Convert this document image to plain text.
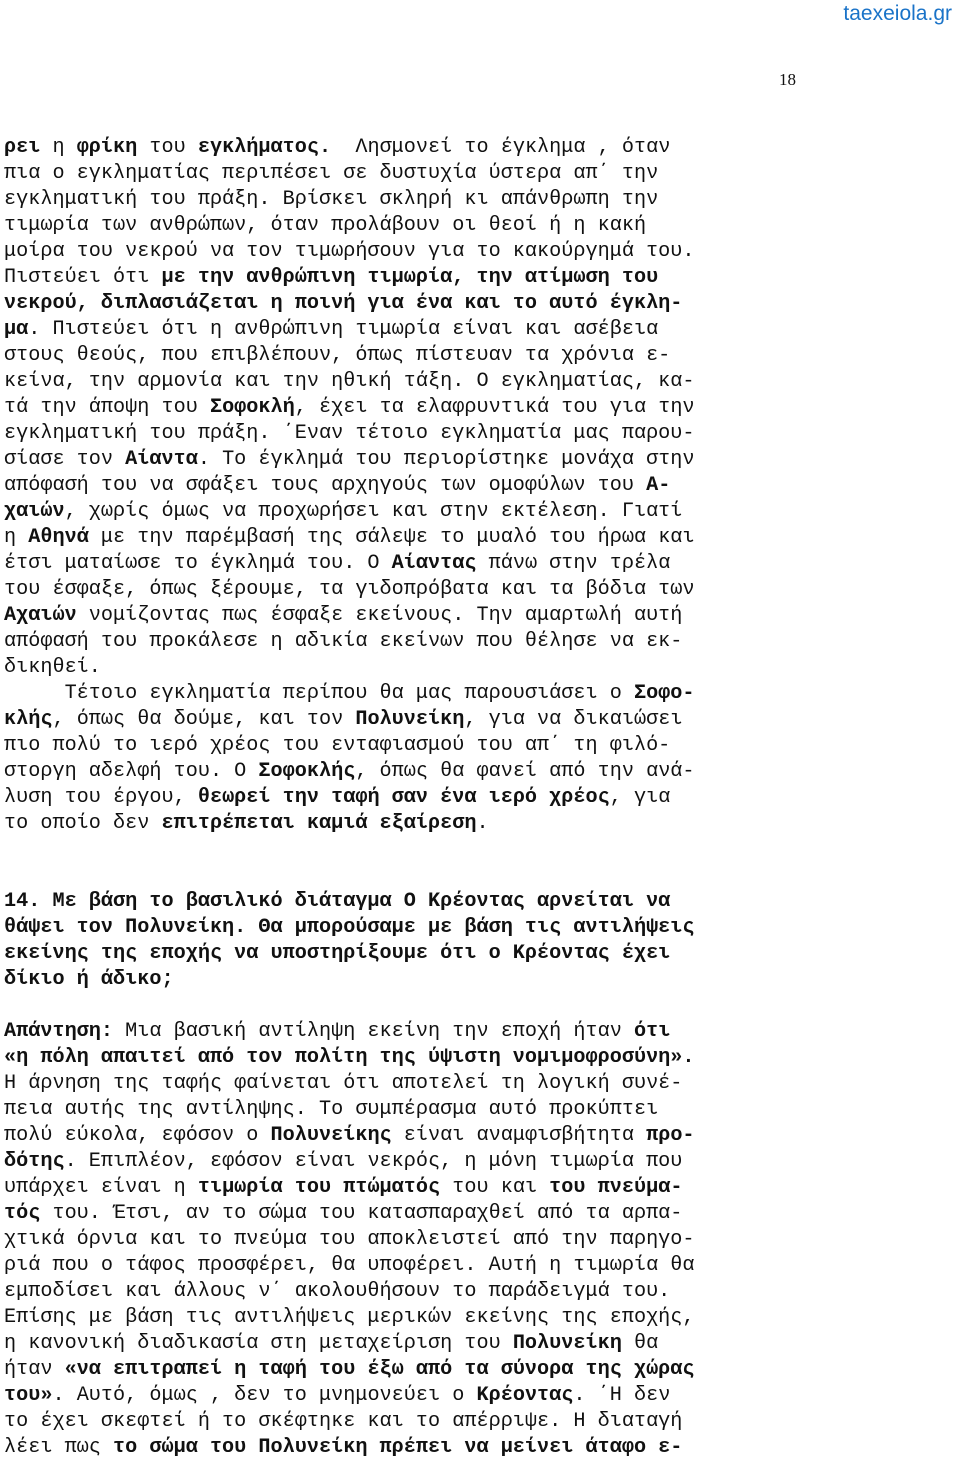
taexeiola.gr
18
ρει η φρίκη του εγκλήματος.  Λησμονεί το έγκλημα , όταν
πια ο εγκληματίας περιπέσει σε δυστυχία ύστερα απ΄ την
εγκληματική του πράξη. Βρίσκει σκληρή κι απάνθρωπη την
τιμωρία των ανθρώπων, όταν προλάβουν οι θεοί ή η κακή
μοίρα του νεκρού να τον τιμωρήσουν για το κακούργημά του.
Πιστεύει ότι με την ανθρώπινη τιμωρία, την ατίμωση του
νεκρού, διπλασιάζεται η ποινή για ένα και το αυτό έγκλη-
μα. Πιστεύει ότι η ανθρώπινη τιμωρία είναι και ασέβεια
στους θεούς, που επιβλέπουν, όπως πίστευαν τα χρόνια ε-
κείνα, την αρμονία και την ηθική τάξη. Ο εγκληματίας, κα-
τά την άποψη του Σοφοκλή, έχει τα ελαφρυντικά του για την
εγκληματική του πράξη. ΄Εναν τέτοιο εγκληματία μας παρου-
σίασε τον Αίαντα. Το έγκλημά του περιορίστηκε μονάχα στην
απόφασή του να σφάξει τους αρχηγούς των ομοφύλων του Α-
χαιών, χωρίς όμως να προχωρήσει και στην εκτέλεση. Γιατί
η Αθηνά με την παρέμβασή της σάλεψε το μυαλό του ήρωα και
έτσι ματαίωσε το έγκλημά του. Ο Αίαντας πάνω στην τρέλα
του έσφαξε, όπως ξέρουμε, τα γιδοπρόβατα και τα βόδια των
Αχαιών νομίζοντας πως έσφαξε εκείνους. Την αμαρτωλή αυτή
απόφασή του προκάλεσε η αδικία εκείνων που θέλησε να εκ-
δικηθεί.
Τέτοιο εγκληματία περίπου θα μας παρουσιάσει ο Σοφο-
κλής, όπως θα δούμε, και τον Πολυνείκη, για να δικαιώσει
πιο πολύ το ιερό χρέος του ενταφιασμού του απ΄ τη φιλό-
στοργη αδελφή του. Ο Σοφοκλής, όπως θα φανεί από την ανά-
λυση του έργου, θεωρεί την ταφή σαν ένα ιερό χρέος, για
το οποίο δεν επιτρέπεται καμιά εξαίρεση.
14. Με βάση το βασιλικό διάταγμα Ο Κρέοντας αρνείται να
θάψει τον Πολυνείκη. Θα μπορούσαμε με βάση τις αντιλήψεις
εκείνης της εποχής να υποστηρίξουμε ότι ο Κρέοντας έχει
δίκιο ή άδικο;
Απάντηση: Μια βασική αντίληψη εκείνη την εποχή ήταν ότι
«η πόλη απαιτεί από τον πολίτη της ύψιστη νομιμοφροσύνη».
Η άρνηση της ταφής φαίνεται ότι αποτελεί τη λογική συνέ-
πεια αυτής της αντίληψης. Το συμπέρασμα αυτό προκύπτει
πολύ εύκολα, εφόσον ο Πολυνείκης είναι αναμφισβήτητα προ-
δότης. Επιπλέον, εφόσον είναι νεκρός, η μόνη τιμωρία που
υπάρχει είναι η τιμωρία του πτώματός του και του πνεύμα-
τός του. Έτσι, αν το σώμα του κατασπαραχθεί από τα αρπα-
χτικά όρνια και το πνεύμα του αποκλειστεί από την παρηγο-
ριά που ο τάφος προσφέρει, θα υποφέρει. Αυτή η τιμωρία θα
εμποδίσει και άλλους ν΄ ακολουθήσουν το παράδειγμά του.
Επίσης με βάση τις αντιλήψεις μερικών εκείνης της εποχής,
η κανονική διαδικασία στη μεταχείριση του Πολυνείκη θα
ήταν «να επιτραπεί η ταφή του έξω από τα σύνορα της χώρας
του». Αυτό, όμως , δεν το μνημονεύει ο Κρέοντας. ΄Η δεν
το έχει σκεφτεί ή το σκέφτηκε και το απέρριψε. Η διαταγή
λέει πως το σώμα του Πολυνείκη πρέπει να μείνει άταφο ε-
